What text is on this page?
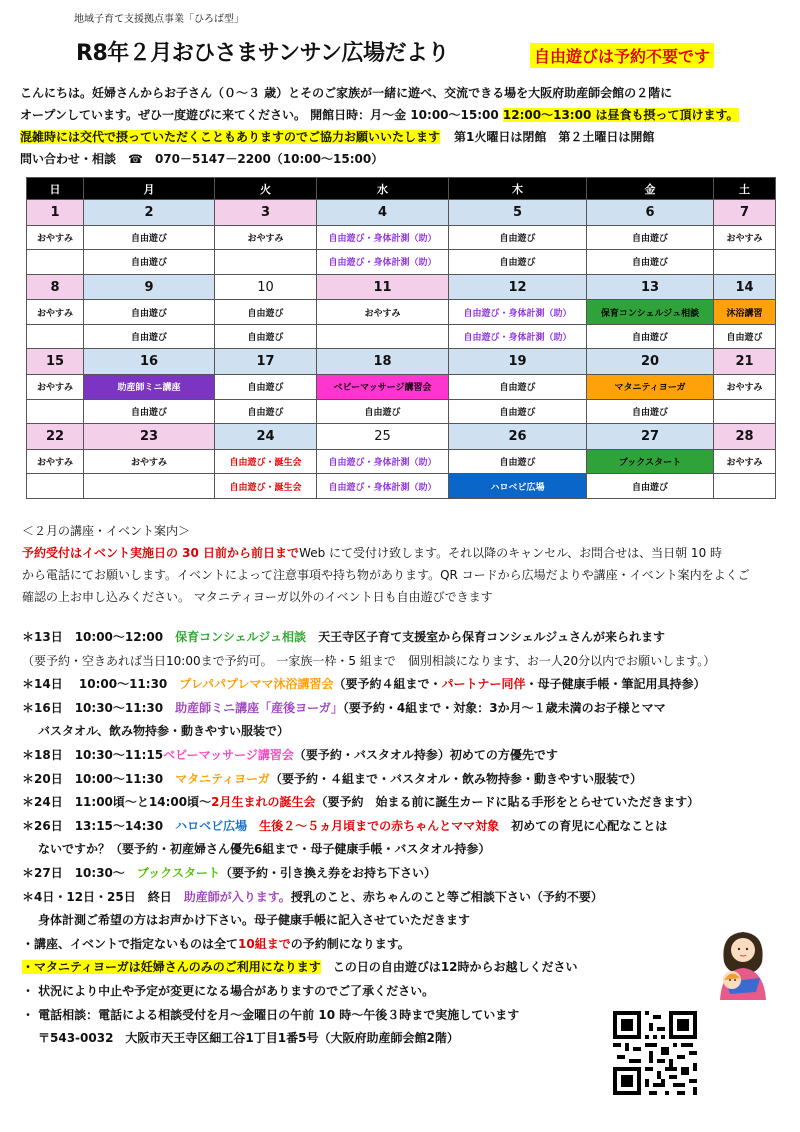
地域子育て支援拠点事業「ひろば型」
R8年２月おひさまサンサン広場だより	自由遊びは予約不要です
こんにちは。妊婦さんからお子さん（０～３ 歳）とそのご家族が一緒に遊べ、交流できる場を大阪府助産師会館の２階に
オープンしています。ぜひ一度遊びに来てください。 開館日時：月～金 10:00～15:00 12:00～13:00 は昼食も摂って頂けます。
混雑時には交代で摂っていただくこともありますのでご協力お願いいたします 第1火曜日は閉館　第２土曜日は開館
問い合わせ・相談　☎　070－5147－2200（10:00～15:00）
日	月	火	水	木	金	土
1	2	3	4	5	6	7
おやすみ	自由遊び	おやすみ	自由遊び・身体計測（助）	自由遊び	自由遊び	おやすみ
	自由遊び		自由遊び・身体計測（助）	自由遊び	自由遊び	
8	9	10	11	12	13	14
おやすみ	自由遊び	自由遊び	おやすみ	自由遊び・身体計測（助）	保育コンシェルジュ相談	沐浴講習
	自由遊び	自由遊び		自由遊び・身体計測（助）	自由遊び	自由遊び
15	16	17	18	19	20	21
おやすみ	助産師ミニ講座	自由遊び	ベビーマッサージ講習会	自由遊び	マタニティヨーガ	おやすみ
	自由遊び	自由遊び	自由遊び	自由遊び	自由遊び	
22	23	24	25	26	27	28
おやすみ	おやすみ	自由遊び・誕生会	自由遊び・身体計測（助）	自由遊び	ブックスタート	おやすみ
		自由遊び・誕生会	自由遊び・身体計測（助）	ハロベビ広場	自由遊び	
＜２月の講座・イベント案内＞
予約受付はイベント実施日の 30 日前から前日までWeb にて受付け致します。それ以降のキャンセル、お問合せは、当日朝 10 時
から電話にてお願いします。イベントによって注意事項や持ち物があります。QR コードから広場だよりや講座・イベント案内をよくご
確認の上お申し込みください。 マタニティヨーガ以外のイベント日も自由遊びできます
＊13日　10:00～12:00　 保育コンシェルジュ相談　 天王寺区子育て支援室から保育コンシェルジュさんが来られます
（要予約・空きあれば当日10:00まで予約可。 一家族一枠・5 組まで　個別相談になります、お一人20分以内でお願いします。）
＊14日　 10:00～11:30　 プレパパプレママ沐浴講習会（要予約４組まで・パートナー同伴・母子健康手帳・筆記用具持参）
＊16日　10:30～11:30　 助産師ミニ講座「産後ヨーガ」（要予約・4組まで・対象：3か月～１歳未満のお子様とママ
バスタオル、飲み物持参・動きやすい服装で）
＊18日　10:30～11:15ベビーマッサージ講習会（要予約・バスタオル持参）初めての方優先です
＊20日　10:00～11:30　 マタニティヨーガ（要予約・４組まで・バスタオル・飲み物持参・動きやすい服装で）
＊24日　11:00頃～と14:00頃～2月生まれの誕生会（要予約　始まる前に誕生カードに貼る手形をとらせていただきます）
＊26日　13:15～14:30　 ハロベビ広場　 生後２～５ヵ月頃までの赤ちゃんとママ対象　 初めての育児に心配なことは
ないですか？（要予約・初産婦さん優先6組まで・母子健康手帳・バスタオル持参）
＊27日　10:30～　 ブックスタート（要予約・引き換え券をお持ち下さい）
＊4日・12日・25日　終日　 助産師が入ります。授乳のこと、赤ちゃんのこと等ご相談下さい（予約不要）
身体計測ご希望の方はお声かけ下さい。母子健康手帳に記入させていただきます
・講座、イベントで指定ないものは全て10組までの予約制になります。
・マタニティヨーガは妊婦さんのみのご利用になります　 この日の自由遊びは12時からお越しください
・ 状況により中止や予定が変更になる場合がありますのでご了承ください。
・ 電話相談：電話による相談受付を月～金曜日の午前 10 時～午後３時まで実施しています
〒543-0032　大阪市天王寺区細工谷1丁目1番5号（大阪府助産師会館2階）
